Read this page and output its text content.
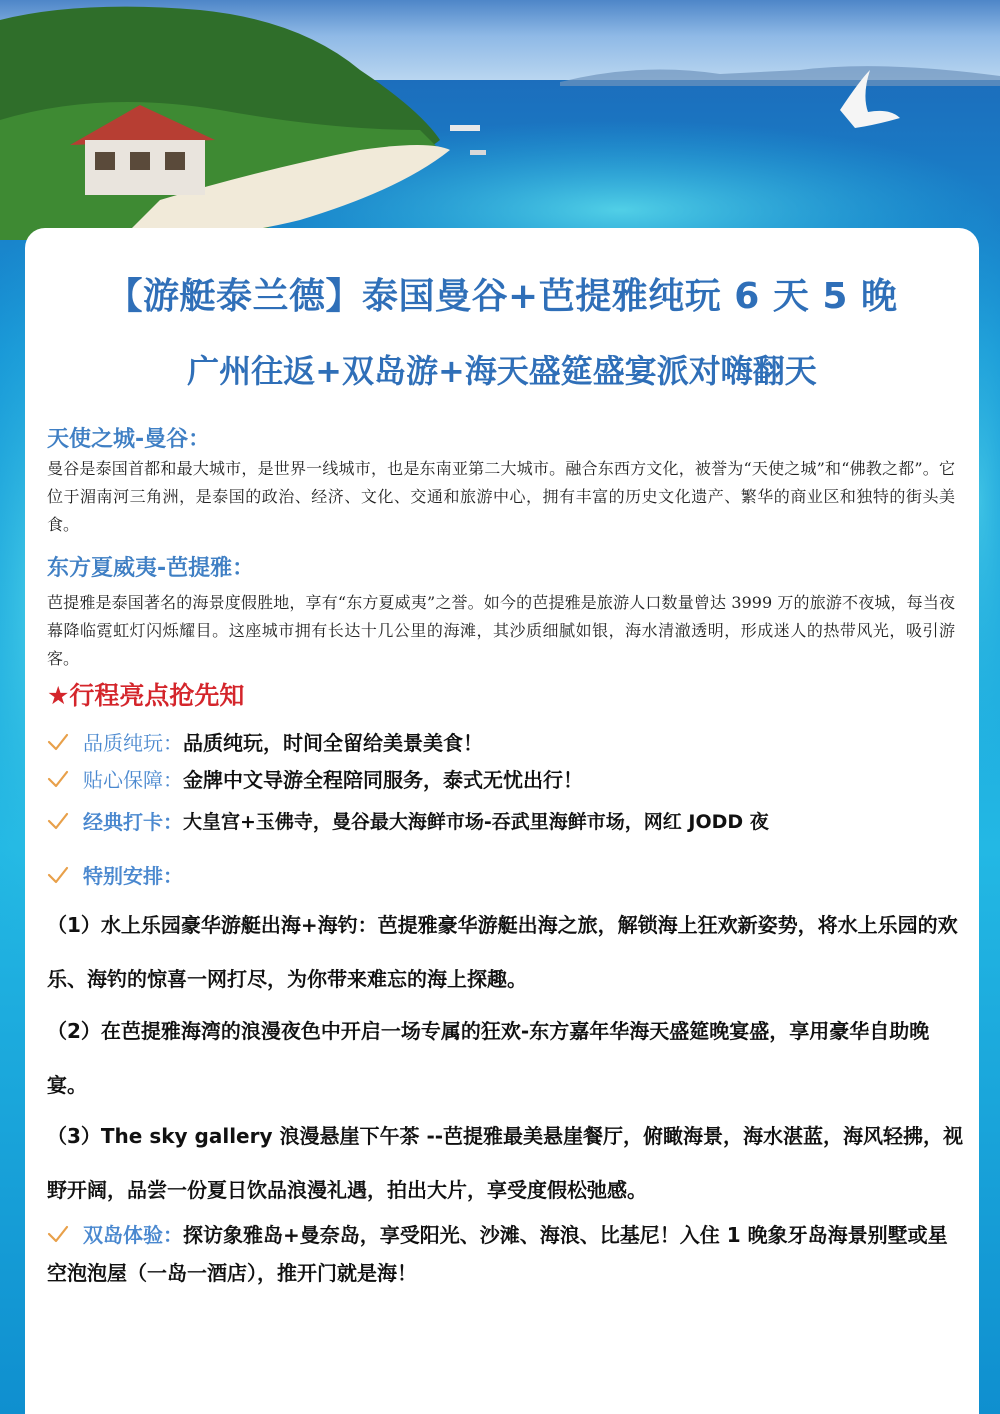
【游艇泰兰德】泰国曼谷+芭提雅纯玩 6 天 5 晚
广州往返+双岛游+海天盛筵盛宴派对嗨翻天
天使之城-曼谷：

曼谷是泰国首都和最大城市，是世界一线城市，也是东南亚第二大城市。融合东西方文化，被誉为“天使之城”和“佛教之都”。它位于湄南河三角洲，是泰国的政治、经济、文化、交通和旅游中心，拥有丰富的历史文化遗产、繁华的商业区和独特的街头美食。

东方夏威夷-芭提雅：

芭提雅是泰国著名的海景度假胜地，享有“东方夏威夷”之誉。如今的芭提雅是旅游人口数量曾达 3999 万的旅游不夜城，每当夜幕降临霓虹灯闪烁耀目。这座城市拥有长达十几公里的海滩，其沙质细腻如银，海水清澈透明，形成迷人的热带风光，吸引游客。

★行程亮点抢先知
品质纯玩： 品质纯玩，时间全留给美景美食！
贴心保障： 金牌中文导游全程陪同服务，泰式无忧出行！
经典打卡： 大皇宫+玉佛寺，曼谷最大海鲜市场-吞武里海鲜市场，网红 JODD 夜
特别安排：

（1）水上乐园豪华游艇出海+海钓：芭提雅豪华游艇出海之旅，解锁海上狂欢新姿势，将水上乐园的欢乐、海钓的惊喜一网打尽，为你带来难忘的海上探趣。

（2）在芭提雅海湾的浪漫夜色中开启一场专属的狂欢-东方嘉年华海天盛筵晚宴盛，享用豪华自助晚宴。

（3）The sky gallery 浪漫悬崖下午茶 --芭提雅最美悬崖餐厅，俯瞰海景，海水湛蓝，海风轻拂，视野开阔，品尝一份夏日饮品浪漫礼遇，拍出大片，享受度假松弛感。

双岛体验：探访象雅岛+曼奈岛，享受阳光、沙滩、海浪、比基尼！入住 1 晚象牙岛海景别墅或星空泡泡屋（一岛一酒店），推开门就是海！
